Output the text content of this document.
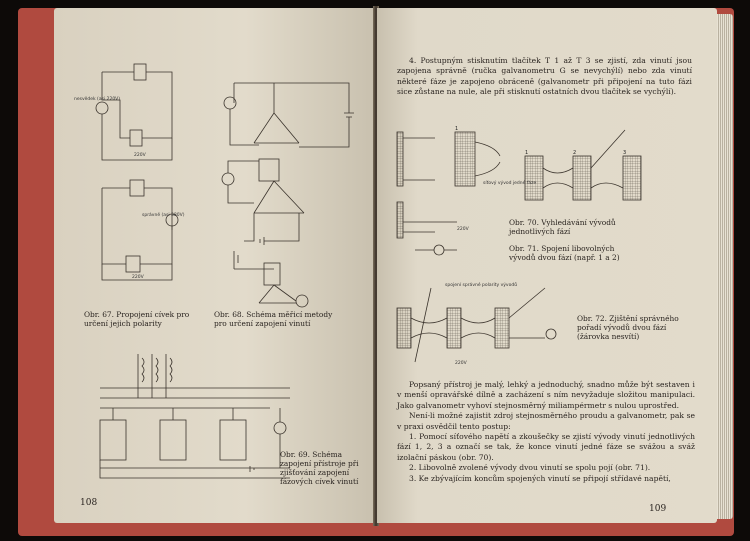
nesvědek (asi 220V)
správně (asi 380V)
220V
220V
Obr. 67. Propojení cívek pro určení jejich polarity
Obr. 68. Schéma měřicí metody pro určení zapojení vinutí
Obr. 69. Schéma zapojení přístroje při zjišťování zapojení fázových cívek vinutí
108

4. Postupným stisknutím tlačítek T 1 až T 3 se zjistí, zda vinutí jsou zapojena správně (ručka galvanometru G se nevychýlí) nebo zda vinutí některé fáze je zapojeno obráceně (galvanometr při připojení na tuto fázi sice zůstane na nule, ale při stisknutí ostatních dvou tlačítek se vychýlí).

síťový vývod jedné fáze
220V
1
1	2	3
Obr. 70. Vyhledávání vývodů jednotlivých fází
Obr. 71. Spojení libovolných vývodů dvou fází (např. 1 a 2)
spojení správné polarity vývodů
220V
Obr. 72. Zjištění správného pořadí vývodů dvou fází (žárovka nesvítí)

Popsaný přístroj je malý, lehký a jednoduchý, snadno může být sestaven i v menší opravářské dílně a zacházení s ním nevyžaduje složitou manipulaci. Jako galvanometr vyhoví stejnosměrný miliampérmetr s nulou uprostřed.

Není-li možné zajistit zdroj stejnosměrného proudu a galvanometr, pak se v praxi osvědčil tento postup:

1. Pomocí síťového napětí a zkoušečky se zjistí vývody vinutí jednotlivých fází 1, 2, 3 a označí se tak, že konce vinutí jedné fáze se svážou a sváž izolační páskou (obr. 70).

2. Libovolně zvolené vývody dvou vinutí se spolu pojí (obr. 71).

3. Ke zbývajícím koncům spojených vinutí se připojí střídavé napětí,

109
